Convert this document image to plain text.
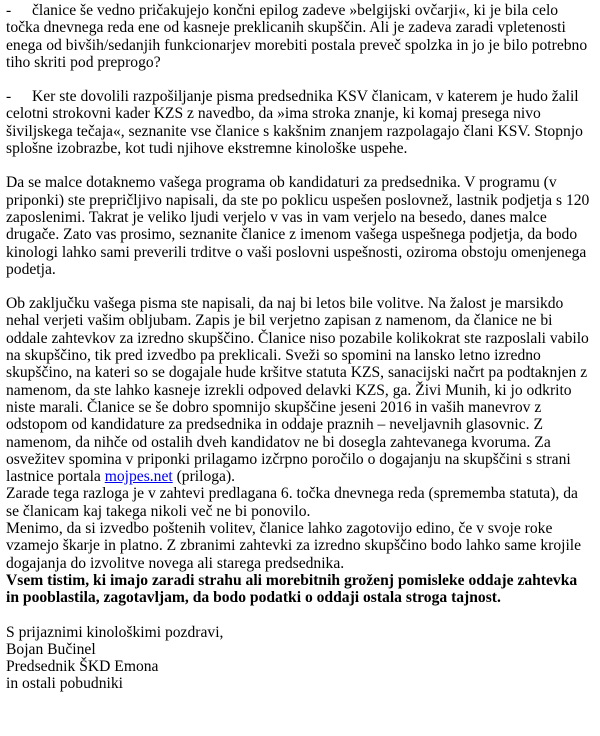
- članice še vedno pričakujejo končni epilog zadeve »belgijski ovčarji«, ki je bila celo točka dnevnega reda ene od kasneje preklicanih skupščin. Ali je zadeva zaradi vpletenosti enega od bivših/sedanjih funkcionarjev morebiti postala preveč spolzka in jo je bilo potrebno tiho skriti pod preprogo?

- Ker ste dovolili razpošiljanje pisma predsednika KSV članicam, v katerem je hudo žalil celotni strokovni kader KZS z navedbo, da »ima stroka znanje, ki komaj presega nivo šiviljskega tečaja«, seznanite vse članice s kakšnim znanjem razpolagajo člani KSV. Stopnjo splošne izobrazbe, kot tudi njihove ekstremne kinološke uspehe.

Da se malce dotaknemo vašega programa ob kandidaturi za predsednika. V programu (v priponki) ste prepričljivo napisali, da ste po poklicu uspešen poslovnež, lastnik podjetja s 120 zaposlenimi. Takrat je veliko ljudi verjelo v vas in vam verjelo na besedo, danes malce drugače. Zato vas prosimo, seznanite članice z imenom vašega uspešnega podjetja, da bodo kinologi lahko sami preverili trditve o vaši poslovni uspešnosti, oziroma obstoju omenjenega podetja.

Ob zaključku vašega pisma ste napisali, da naj bi letos bile volitve. Na žalost je marsikdo nehal verjeti vašim obljubam. Zapis je bil verjetno zapisan z namenom, da članice ne bi oddale zahtevkov za izredno skupščino. Članice niso pozabile kolikokrat ste razposlali vabilo na skupščino, tik pred izvedbo pa preklicali. Sveži so spomini na lansko letno izredno skupščino, na kateri so se dogajale hude kršitve statuta KZS, sanacijski načrt pa podtaknjen z namenom, da ste lahko kasneje izrekli odpoved delavki KZS, ga. Živi Munih, ki jo odkrito niste marali. Članice se še dobro spomnijo skupščine jeseni 2016 in vaših manevrov z odstopom od kandidature za predsednika in oddaje praznih – neveljavnih glasovnic. Z namenom, da nihče od ostalih dveh kandidatov ne bi dosegla zahtevanega kvoruma. Za osvežitev spomina v priponki prilagamo izčrpno poročilo o dogajanju na skupščini s strani lastnice portala mojpes.net (priloga).

Zarade tega razloga je v zahtevi predlagana 6. točka dnevnega reda (sprememba statuta), da se članicam kaj takega nikoli več ne bi ponovilo.

Menimo, da si izvedbo poštenih volitev, članice lahko zagotovijo edino, če v svoje roke vzamejo škarje in platno. Z zbranimi zahtevki za izredno skupščino bodo lahko same krojile dogajanja do izvolitve novega ali starega predsednika.

Vsem tistim, ki imajo zaradi strahu ali morebitnih groženj pomisleke oddaje zahtevka in pooblastila, zagotavljam, da bodo podatki o oddaji ostala stroga tajnost.

S prijaznimi kinološkimi pozdravi,

Bojan Bučinel

Predsednik ŠKD Emona

in ostali pobudniki
